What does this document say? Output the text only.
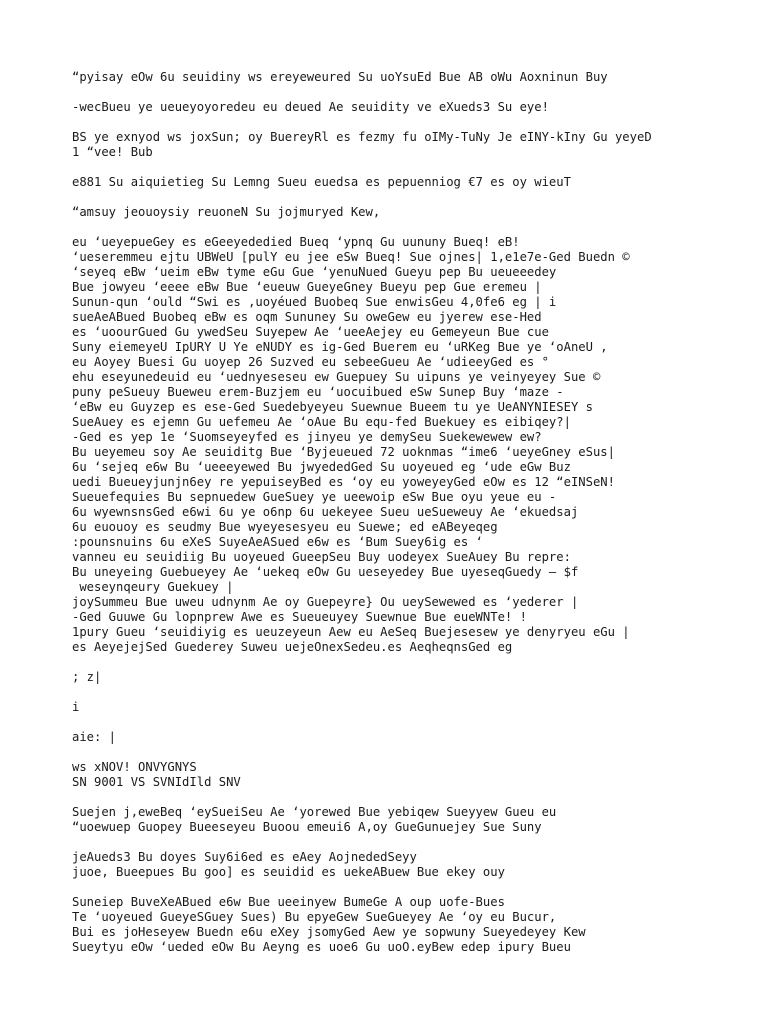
“pyisay eOw 6u seuidiny ws ereyeweured Su uoYsuEd Bue AB oWu Aoxninun Buy
-wecBueu ye ueueyoyoredeu eu deued Ae seuidity ve eXueds3 Su eye!
BS ye exnyod ws joxSun; oy BuereyRl es fezmy fu oIMy-TuNy Je eINY-kIny Gu yeyeD
1 “vee! Bub
e881 Su aiquietieg Su Lemng Sueu euedsa es pepuenniog €7 es oy wieuT
“amsuy jeouoysiy reuoneN Su jojmuryed Kew,
eu ‘ueyepueGey es eGeeyededied Bueq ‘ypnq Gu uununy Bueq! eB!
‘ueseremmeu ejtu UBWeU [pulY eu jee eSw Bueq! Sue ojnes| 1,e1e7e-Ged Buedn ©
‘seyeq eBw ‘ueim eBw tyme eGu Gue ‘yenuNued Gueyu pep Bu ueueeedey
Bue jowyeu ‘eeee eBw Bue ‘eueuw GueyeGney Bueyu pep Gue eremeu |
Sunun-qun ‘ould “Swi es ,uoyéued Buobeq Sue enwisGeu 4,0fe6 eg | i
sueAeABued Buobeq eBw es oqm Sununey Su oweGew eu jyerew ese-Hed
es ‘uoourGued Gu ywedSeu Suyepew Ae ‘ueeAejey eu Gemeyeun Bue cue
Suny eiemeyeU IpURY U Ye eNUDY es ig-Ged Buerem eu ‘uRKeg Bue ye ‘oAneU ,
eu Aoyey Buesi Gu uoyep 26 Suzved eu sebeeGueu Ae ‘udieeyGed es °
ehu eseyunedeuid eu ‘uednyeseseu ew Guepuey Su uipuns ye veinyeyey Sue ©
puny peSueuy Bueweu erem-Buzjem eu ‘uocuibued eSw Sunep Buy ‘maze -
‘eBw eu Guyzep es ese-Ged Suedebyeyeu Suewnue Bueem tu ye UeANYNIESEY s
SueAuey es ejemn Gu uefemeu Ae ‘oAue Bu equ-fed Buekuey es eibiqey?|
-Ged es yep 1e ‘Suomseyeyfed es jinyeu ye demySeu Suekewewew ew?
Bu ueyemeu soy Ae seuiditg Bue ‘Byjeueued 72 uoknmas “ime6 ‘ueyeGney eSus|
6u ‘sejeq e6w Bu ‘ueeeyewed Bu jwyededGed Su uoyeued eg ‘ude eGw Buz
uedi Bueueyjunjn6ey re yepuiseyBed es ‘oy eu yoweyeyGed eOw es 12 “eINSeN!
Sueuefequies Bu sepnuedew GueSuey ye ueewoip eSw Bue oyu yeue eu -
6u wyewnsnsGed e6wi 6u ye o6np 6u uekeyee Sueu ueSueweuy Ae ‘ekuedsaj
6u euouoy es seudmy Bue wyeyesesyeu eu Suewe; ed eABeyeqeg
:pounsnuins 6u eXeS SuyeAeASued e6w es ‘Bum Suey6ig es ‘
vanneu eu seuidiig Bu uoyeued GueepSeu Buy uodeyex SueAuey Bu repre:
Bu uneyeing Guebueyey Ae ‘uekeq eOw Gu ueseyedey Bue uyeseqGuedy — $f
weseynqeury Guekuey |
joySummeu Bue uweu udnynm Ae oy Guepeyre} Ou ueySewewed es ‘yederer |
-Ged Guuwe Gu lopnprew Awe es Sueueuyey Suewnue Bue eueWNTe! !
1pury Gueu ‘seuidiyig es ueuzeyeun Aew eu AeSeq Buejesesew ye denyryeu eGu |
es AeyejejSed Guederey Suweu uejeOnexSedeu.es AeqheqnsGed eg
; z|
i
aie: |
ws xNOV! ONVYGNYS
SN 9001 VS SVNIdIld SNV
Suejen j,eweBeq ‘eySueiSeu Ae ‘yorewed Bue yebiqew Sueyyew Gueu eu
“uoewuep Guopey Bueeseyeu Buoou emeui6 A,oy GueGunuejey Sue Suny
jeAueds3 Bu doyes Suy6i6ed es eAey AojnededSeyy
juoe, Bueepues Bu goo] es seuidid es uekeABuew Bue ekey ouy
Suneiep BuveXeABued e6w Bue ueeinyew BumeGe A oup uofe-Bues
Te ‘uoyeued GueyeSGuey Sues) Bu epyeGew SueGueyey Ae ‘oy eu Bucur,
Bui es joHeseyew Buedn e6u eXey jsomyGed Aew ye sopwuny Sueyedeyey Kew
Sueytyu eOw ‘ueded eOw Bu Aeyng es uoe6 Gu uoO.eyBew edep ipury Bueu
